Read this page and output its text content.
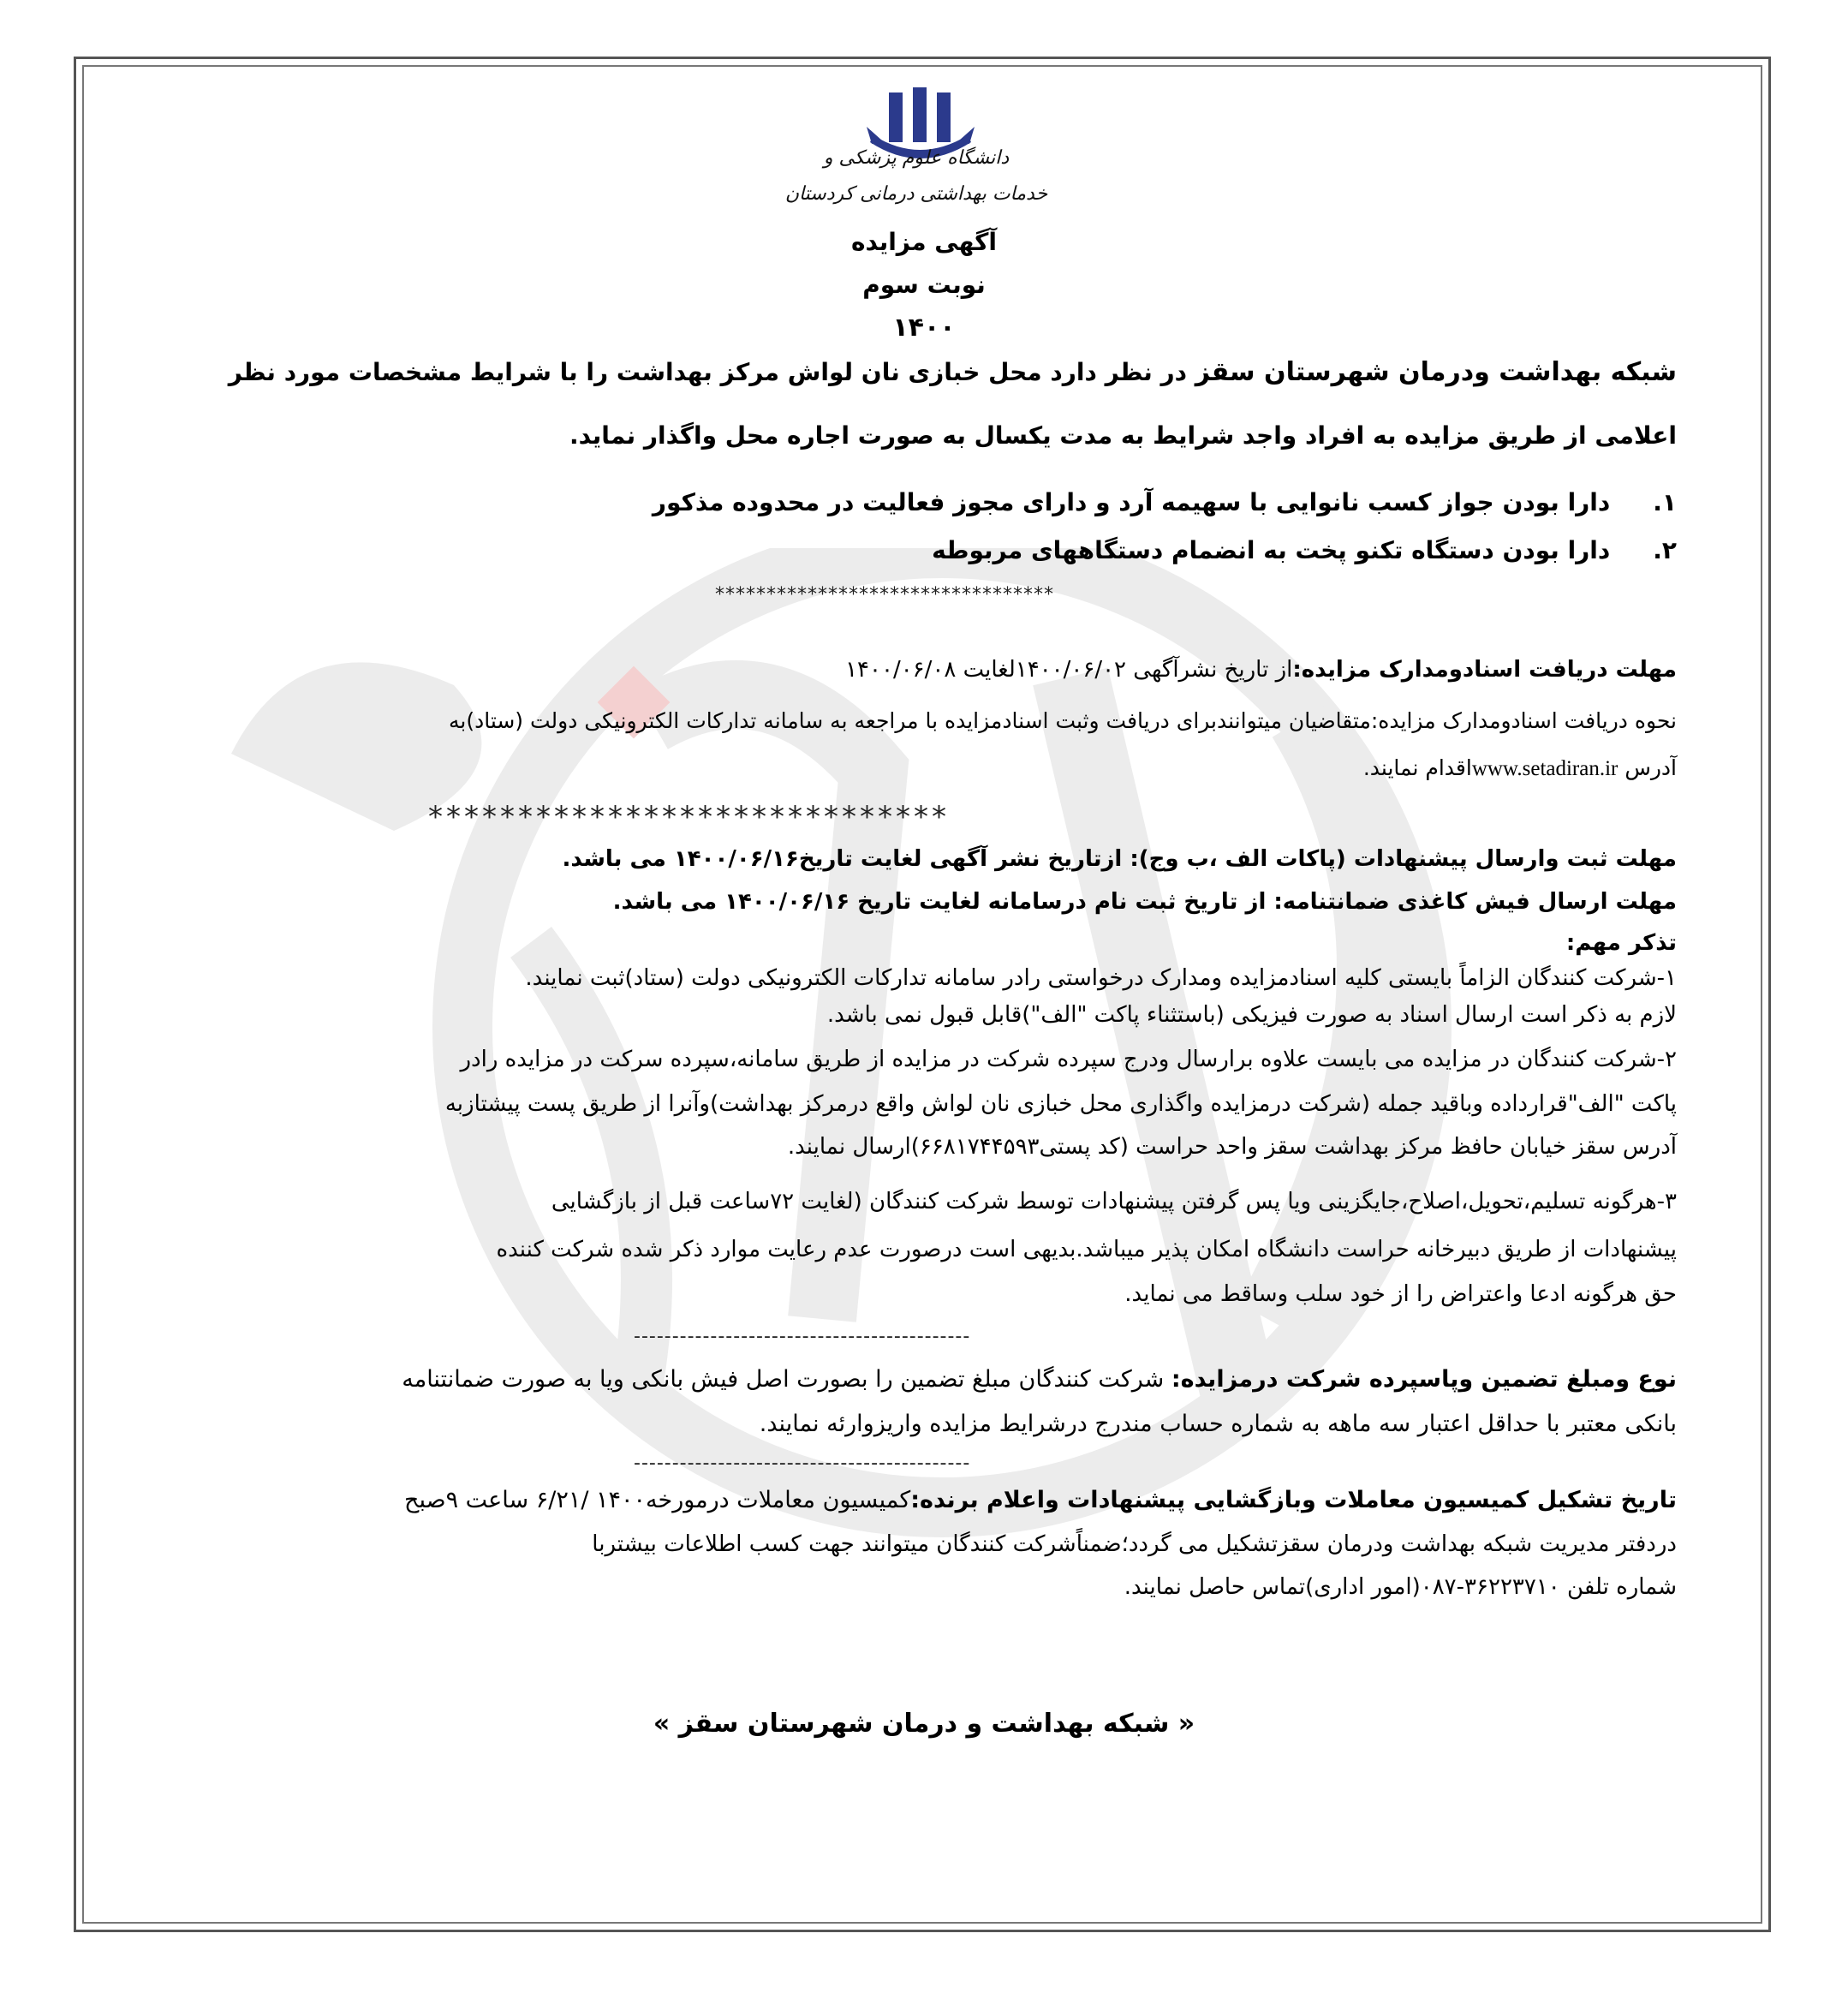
دانشگاه علوم پزشکی و
خدمات بهداشتی درمانی کردستان
آگهی مزایده
نوبت سوم
۱۴۰۰
شبکه بهداشت ودرمان شهرستان سقز در نظر دارد محل خبازی نان لواش مرکز بهداشت را با شرایط مشخصات مورد نظر
اعلامی از طریق مزایده به افراد واجد شرایط به مدت یکسال به صورت اجاره محل واگذار نماید.
۱.دارا بودن جواز کسب نانوایی با سهیمه آرد و دارای مجوز فعالیت در محدوده مذکور
۲.دارا بودن دستگاه تکنو پخت به انضمام دستگاههای مربوطه
*********************************
مهلت دریافت اسنادومدارک مزایده:از تاریخ نشرآگهی ۱۴۰۰/۰۶/۰۲لغایت ۱۴۰۰/۰۶/۰۸
نحوه دریافت اسنادومدارک مزایده:متقاضیان میتوانندبرای دریافت وثبت اسنادمزایده با مراجعه به سامانه تدارکات الکترونیکی دولت (ستاد)به
آدرس www.setadiran.irاقدام نمایند.
*****************************
مهلت ثبت وارسال پیشنهادات (پاکات الف ،ب وج): ازتاریخ نشر آگهی لغایت تاریخ۱۴۰۰/۰۶/۱۶ می باشد.
مهلت ارسال فیش کاغذی ضمانتنامه: از تاریخ ثبت نام درسامانه لغایت تاریخ ۱۴۰۰/۰۶/۱۶ می باشد.
تذکر مهم:
۱-شرکت کنندگان الزاماً بایستی کلیه اسنادمزایده ومدارک درخواستی رادر سامانه تدارکات الکترونیکی دولت (ستاد)ثبت نمایند.
لازم به ذکر است ارسال اسناد به صورت فیزیکی (باستثناء پاکت "الف")قابل قبول نمی باشد.
۲-شرکت کنندگان در مزایده می بایست علاوه برارسال ودرج سپرده شرکت در مزایده از طریق سامانه،سپرده سرکت در مزایده رادر
پاکت "الف"قرارداده وباقید جمله (شرکت درمزایده واگذاری محل خبازی نان لواش واقع درمرکز بهداشت)وآنرا از طریق پست پیشتازبه
آدرس سقز خیابان حافظ مرکز بهداشت سقز واحد حراست (کد پستی۶۶۸۱۷۴۴۵۹۳)ارسال نمایند.
۳-هرگونه تسلیم،تحویل،اصلاح،جایگزینی ویا پس گرفتن پیشنهادات توسط شرکت کنندگان (لغایت ۷۲ساعت قبل از بازگشایی
پیشنهادات از طریق دبیرخانه حراست دانشگاه امکان پذیر میباشد.بدیهی است درصورت عدم رعایت موارد ذکر شده شرکت کننده
حق هرگونه ادعا واعتراض را از خود سلب وساقط می نماید.
--------------------------------------------
نوع ومبلغ تضمین وپاسپرده شرکت درمزایده: شرکت کنندگان مبلغ تضمین را بصورت اصل فیش بانکی ویا به صورت ضمانتنامه
بانکی معتبر با حداقل اعتبار سه ماهه به شماره حساب مندرج درشرایط مزایده واریزوارئه نمایند.
--------------------------------------------
تاریخ تشکیل کمیسیون معاملات وبازگشایی پیشنهادات واعلام برنده:کمیسیون معاملات درمورخه۱۴۰۰ /۶/۲۱ ساعت ۹صبح
دردفتر مدیریت شبکه بهداشت ودرمان سقزتشکیل می گردد؛ضمناًشرکت کنندگان میتوانند جهت کسب اطلاعات بیشتربا
شماره تلفن ۳۶۲۲۳۷۱۰-۰۸۷(امور اداری)تماس حاصل نمایند.
« شبکه بهداشت و درمان شهرستان سقز »
